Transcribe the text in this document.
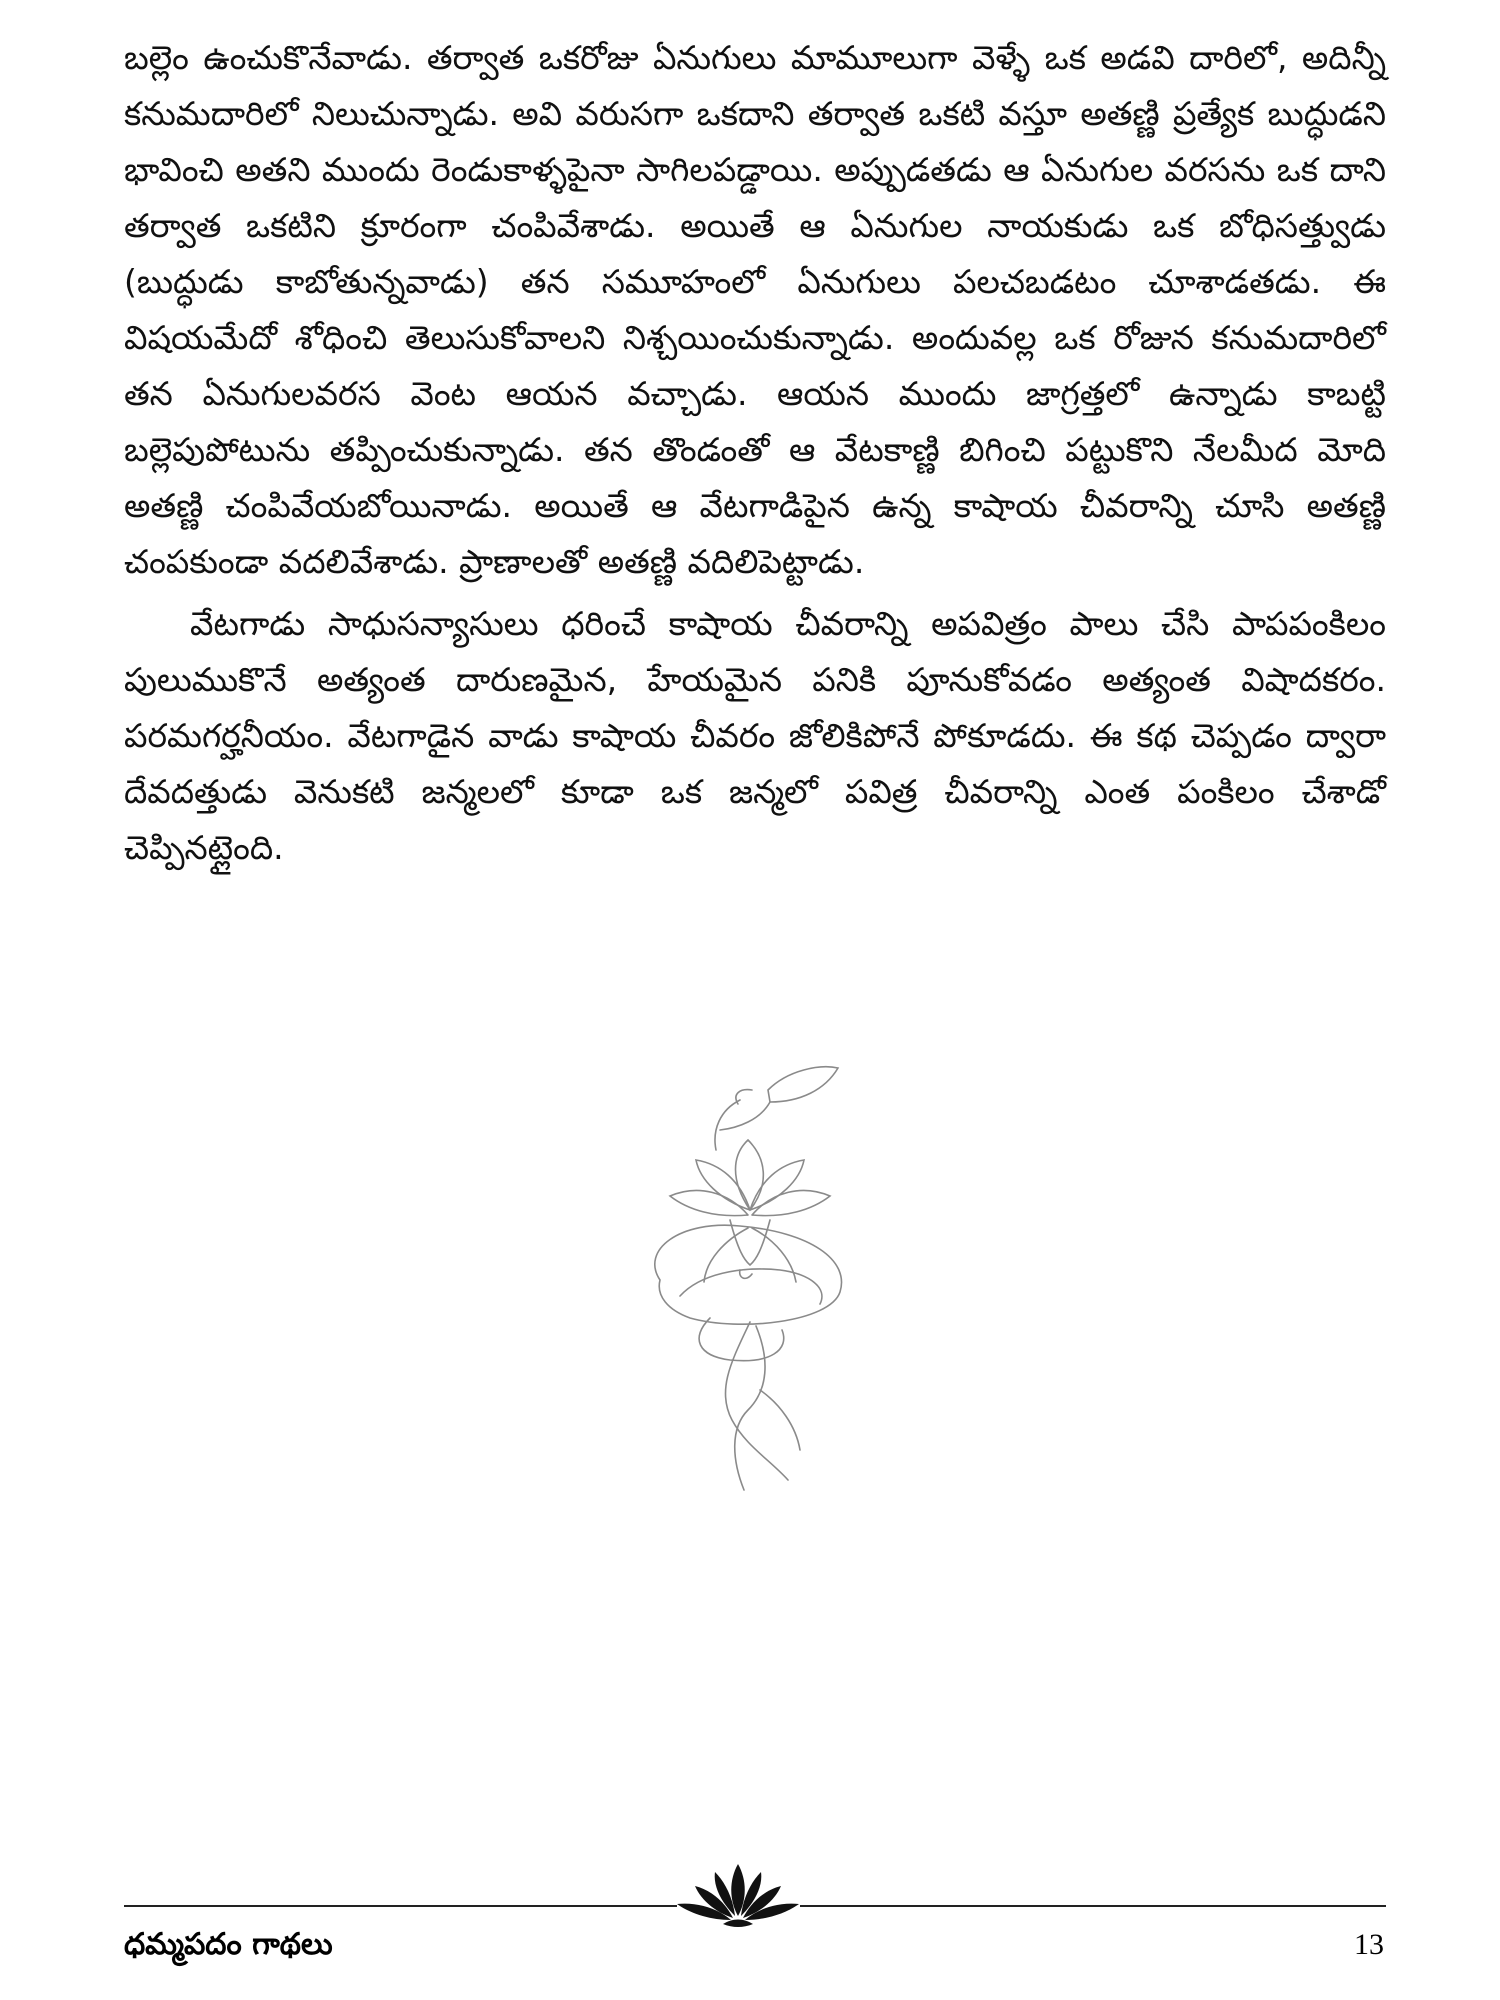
బల్లెం ఉంచుకొనేవాడు. తర్వాత ఒకరోజు ఏనుగులు మామూలుగా వెళ్ళే ఒక అడవి దారిలో, అదిన్నీ కనుమదారిలో నిలుచున్నాడు. అవి వరుసగా ఒకదాని తర్వాత ఒకటి వస్తూ అతణ్ణి ప్రత్యేక బుద్ధుడని భావించి అతని ముందు రెండుకాళ్ళపైనా సాగిలపడ్డాయి. అప్పుడతడు ఆ ఏనుగుల వరసను ఒక దాని తర్వాత ఒకటిని క్రూరంగా చంపివేశాడు. అయితే ఆ ఏనుగుల నాయకుడు ఒక బోధిసత్త్వుడు (బుద్ధుడు కాబోతున్నవాడు) తన సమూహంలో ఏనుగులు పలచబడటం చూశాడతడు. ఈ విషయమేదో శోధించి తెలుసుకోవాలని నిశ్చయించుకున్నాడు. అందువల్ల ఒక రోజున కనుమదారిలో తన ఏనుగులవరస వెంట ఆయన వచ్చాడు. ఆయన ముందు జాగ్రత్తలో ఉన్నాడు కాబట్టి బల్లెపుపోటును తప్పించుకున్నాడు. తన తొండంతో ఆ వేటకాణ్ణి బిగించి పట్టుకొని నేలమీద మోది అతణ్ణి చంపివేయబోయినాడు. అయితే ఆ వేటగాడిపైన ఉన్న కాషాయ చీవరాన్ని చూసి అతణ్ణి చంపకుండా వదలివేశాడు. ప్రాణాలతో అతణ్ణి వదిలిపెట్టాడు.

వేటగాడు సాధుసన్యాసులు ధరించే కాషాయ చీవరాన్ని అపవిత్రం పాలు చేసి పాపపంకిలం పులుముకొనే అత్యంత దారుణమైన, హేయమైన పనికి పూనుకోవడం అత్యంత విషాదకరం. పరమగర్హనీయం. వేటగాడైన వాడు కాషాయ చీవరం జోలికిపోనే పోకూడదు. ఈ కథ చెప్పడం ద్వారా దేవదత్తుడు వెనుకటి జన్మలలో కూడా ఒక జన్మలో పవిత్ర చీవరాన్ని ఎంత పంకిలం చేశాడో చెప్పినట్లైంది.

ధమ్మపదం గాథలు	13
